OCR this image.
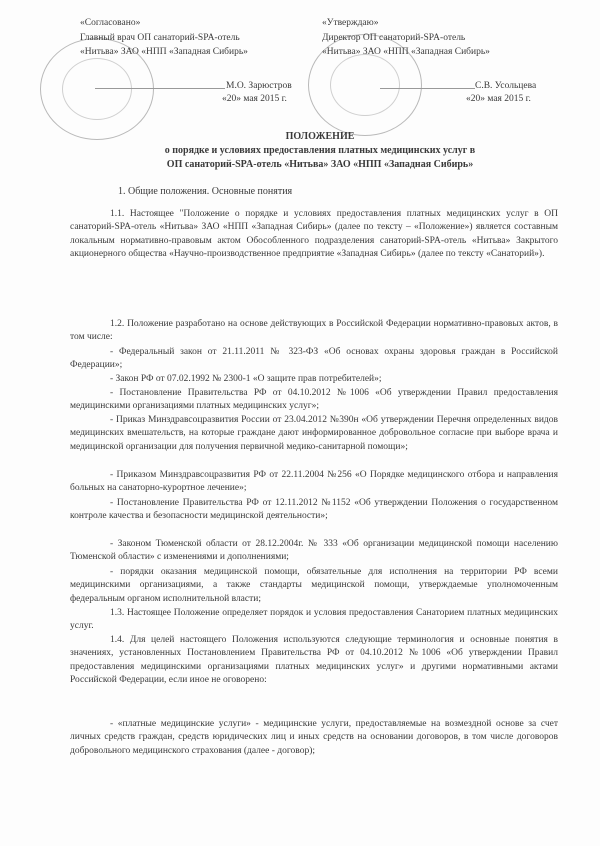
«Согласовано»
Главный врач ОП санаторий-SPA-отель
«Нитьва» ЗАО «НПП «Западная Сибирь»
М.О. Зарюстров
«20» мая 2015 г.
«Утверждаю»
Директор ОП санаторий-SPA-отель
«Нитьва» ЗАО «НПП «Западная Сибирь»
С.В. Усольцева
«20» мая 2015 г.
ПОЛОЖЕНИЕ
о порядке и условиях предоставления платных медицинских услуг в
ОП санаторий-SPA-отель «Нитьва» ЗАО «НПП «Западная Сибирь»
1. Общие положения. Основные понятия
1.1. Настоящее "Положение о порядке и условиях предоставления платных медицинских услуг в ОП санаторий-SPA-отель «Нитьва» ЗАО «НПП «Западная Сибирь» (далее по тексту – «Положение») является составным локальным нормативно-правовым актом Обособленного подразделения санаторий-SPA-отель «Нитьва» Закрытого акционерного общества «Научно-производственное предприятие «Западная Сибирь» (далее по тексту «Санаторий»).
1.2. Положение разработано на основе действующих в Российской Федерации нормативно-правовых актов, в том числе:
- Федеральный закон от 21.11.2011 № 323-ФЗ «Об основах охраны здоровья граждан в Российской Федерации»;
- Закон РФ от 07.02.1992 № 2300-1 «О защите прав потребителей»;
- Постановление Правительства РФ от 04.10.2012 №1006 «Об утверждении Правил предоставления медицинскими организациями платных медицинских услуг»;
- Приказ Минздравсоцразвития России от 23.04.2012 №390н «Об утверждении Перечня определенных видов медицинских вмешательств, на которые граждане дают информированное добровольное согласие при выборе врача и медицинской организации для получения первичной медико-санитарной помощи»;
- Приказом Минздравсоцразвития РФ от 22.11.2004 №256 «О Порядке медицинского отбора и направления больных на санаторно-курортное лечение»;
- Постановление Правительства РФ от 12.11.2012 №1152 «Об утверждении Положения о государственном контроле качества и безопасности медицинской деятельности»;
- Законом Тюменской области от 28.12.2004г. № 333 «Об организации медицинской помощи населению Тюменской области» с изменениями и дополнениями;
- порядки оказания медицинской помощи, обязательные для исполнения на территории РФ всеми медицинскими организациями, а также стандарты медицинской помощи, утверждаемые уполномоченным федеральным органом исполнительной власти;
1.3. Настоящее Положение определяет порядок и условия предоставления Санаторием платных медицинских услуг.
1.4. Для целей настоящего Положения используются следующие терминология и основные понятия в значениях, установленных Постановлением Правительства РФ от 04.10.2012 №1006 «Об утверждении Правил предоставления медицинскими организациями платных медицинских услуг» и другими нормативными актами Российской Федерации, если иное не оговорено:
- «платные медицинские услуги» - медицинские услуги, предоставляемые на возмездной основе за счет личных средств граждан, средств юридических лиц и иных средств на основании договоров, в том числе договоров добровольного медицинского страхования (далее - договор);
